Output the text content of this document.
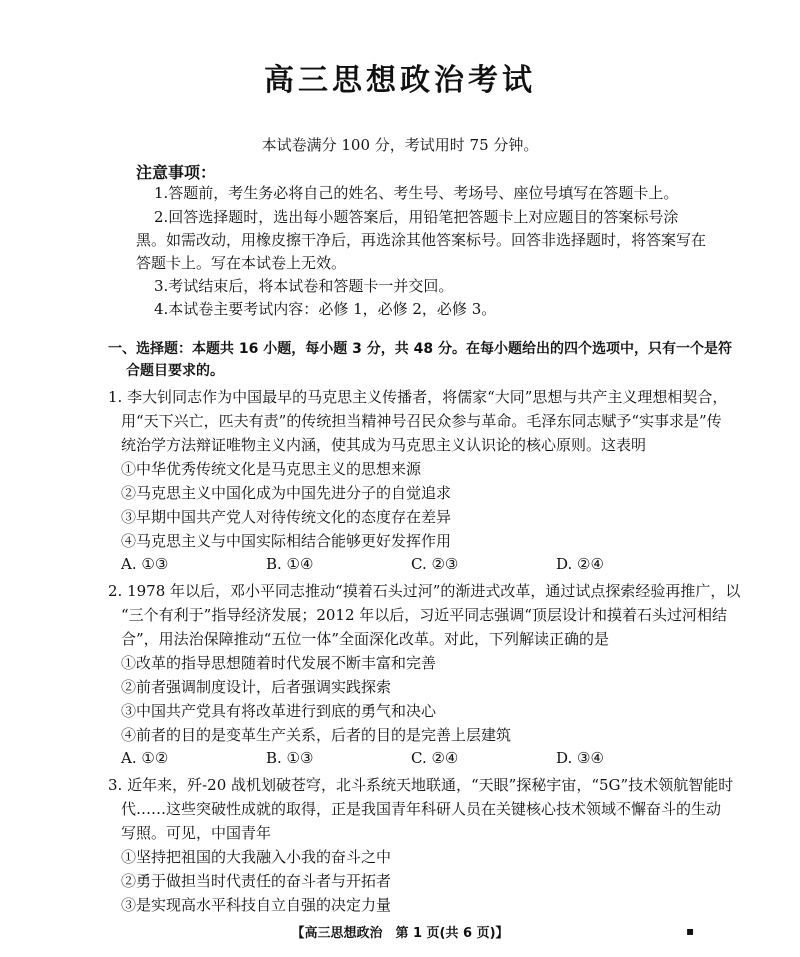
高三思想政治考试
本试卷满分 100 分，考试用时 75 分钟。
注意事项：
1.答题前，考生务必将自己的姓名、考生号、考场号、座位号填写在答题卡上。
2.回答选择题时，选出每小题答案后，用铅笔把答题卡上对应题目的答案标号涂
黑。如需改动，用橡皮擦干净后，再选涂其他答案标号。回答非选择题时，将答案写在
答题卡上。写在本试卷上无效。
3.考试结束后，将本试卷和答题卡一并交回。
4.本试卷主要考试内容：必修 1，必修 2，必修 3。
一、选择题：本题共 16 小题，每小题 3 分，共 48 分。在每小题给出的四个选项中，只有一个是符
合题目要求的。
1. 李大钊同志作为中国最早的马克思主义传播者，将儒家“大同”思想与共产主义理想相契合，
用“天下兴亡，匹夫有责”的传统担当精神号召民众参与革命。毛泽东同志赋予“实事求是”传
统治学方法辩证唯物主义内涵，使其成为马克思主义认识论的核心原则。这表明
①中华优秀传统文化是马克思主义的思想来源
②马克思主义中国化成为中国先进分子的自觉追求
③早期中国共产党人对待传统文化的态度存在差异
④马克思主义与中国实际相结合能够更好发挥作用
A. ①③	B. ①④	C. ②③	D. ②④
2. 1978 年以后，邓小平同志推动“摸着石头过河”的渐进式改革，通过试点探索经验再推广，以
“三个有利于”指导经济发展；2012 年以后，习近平同志强调“顶层设计和摸着石头过河相结
合”，用法治保障推动“五位一体”全面深化改革。对此，下列解读正确的是
①改革的指导思想随着时代发展不断丰富和完善
②前者强调制度设计，后者强调实践探索
③中国共产党具有将改革进行到底的勇气和决心
④前者的目的是变革生产关系，后者的目的是完善上层建筑
A. ①②	B. ①③	C. ②④	D. ③④
3. 近年来，歼-20 战机划破苍穹，北斗系统天地联通，“天眼”探秘宇宙，“5G”技术领航智能时
代……这些突破性成就的取得，正是我国青年科研人员在关键核心技术领域不懈奋斗的生动
写照。可见，中国青年
①坚持把祖国的大我融入小我的奋斗之中
②勇于做担当时代责任的奋斗者与开拓者
③是实现高水平科技自立自强的决定力量
【高三思想政治　第 1 页(共 6 页)】	▪
